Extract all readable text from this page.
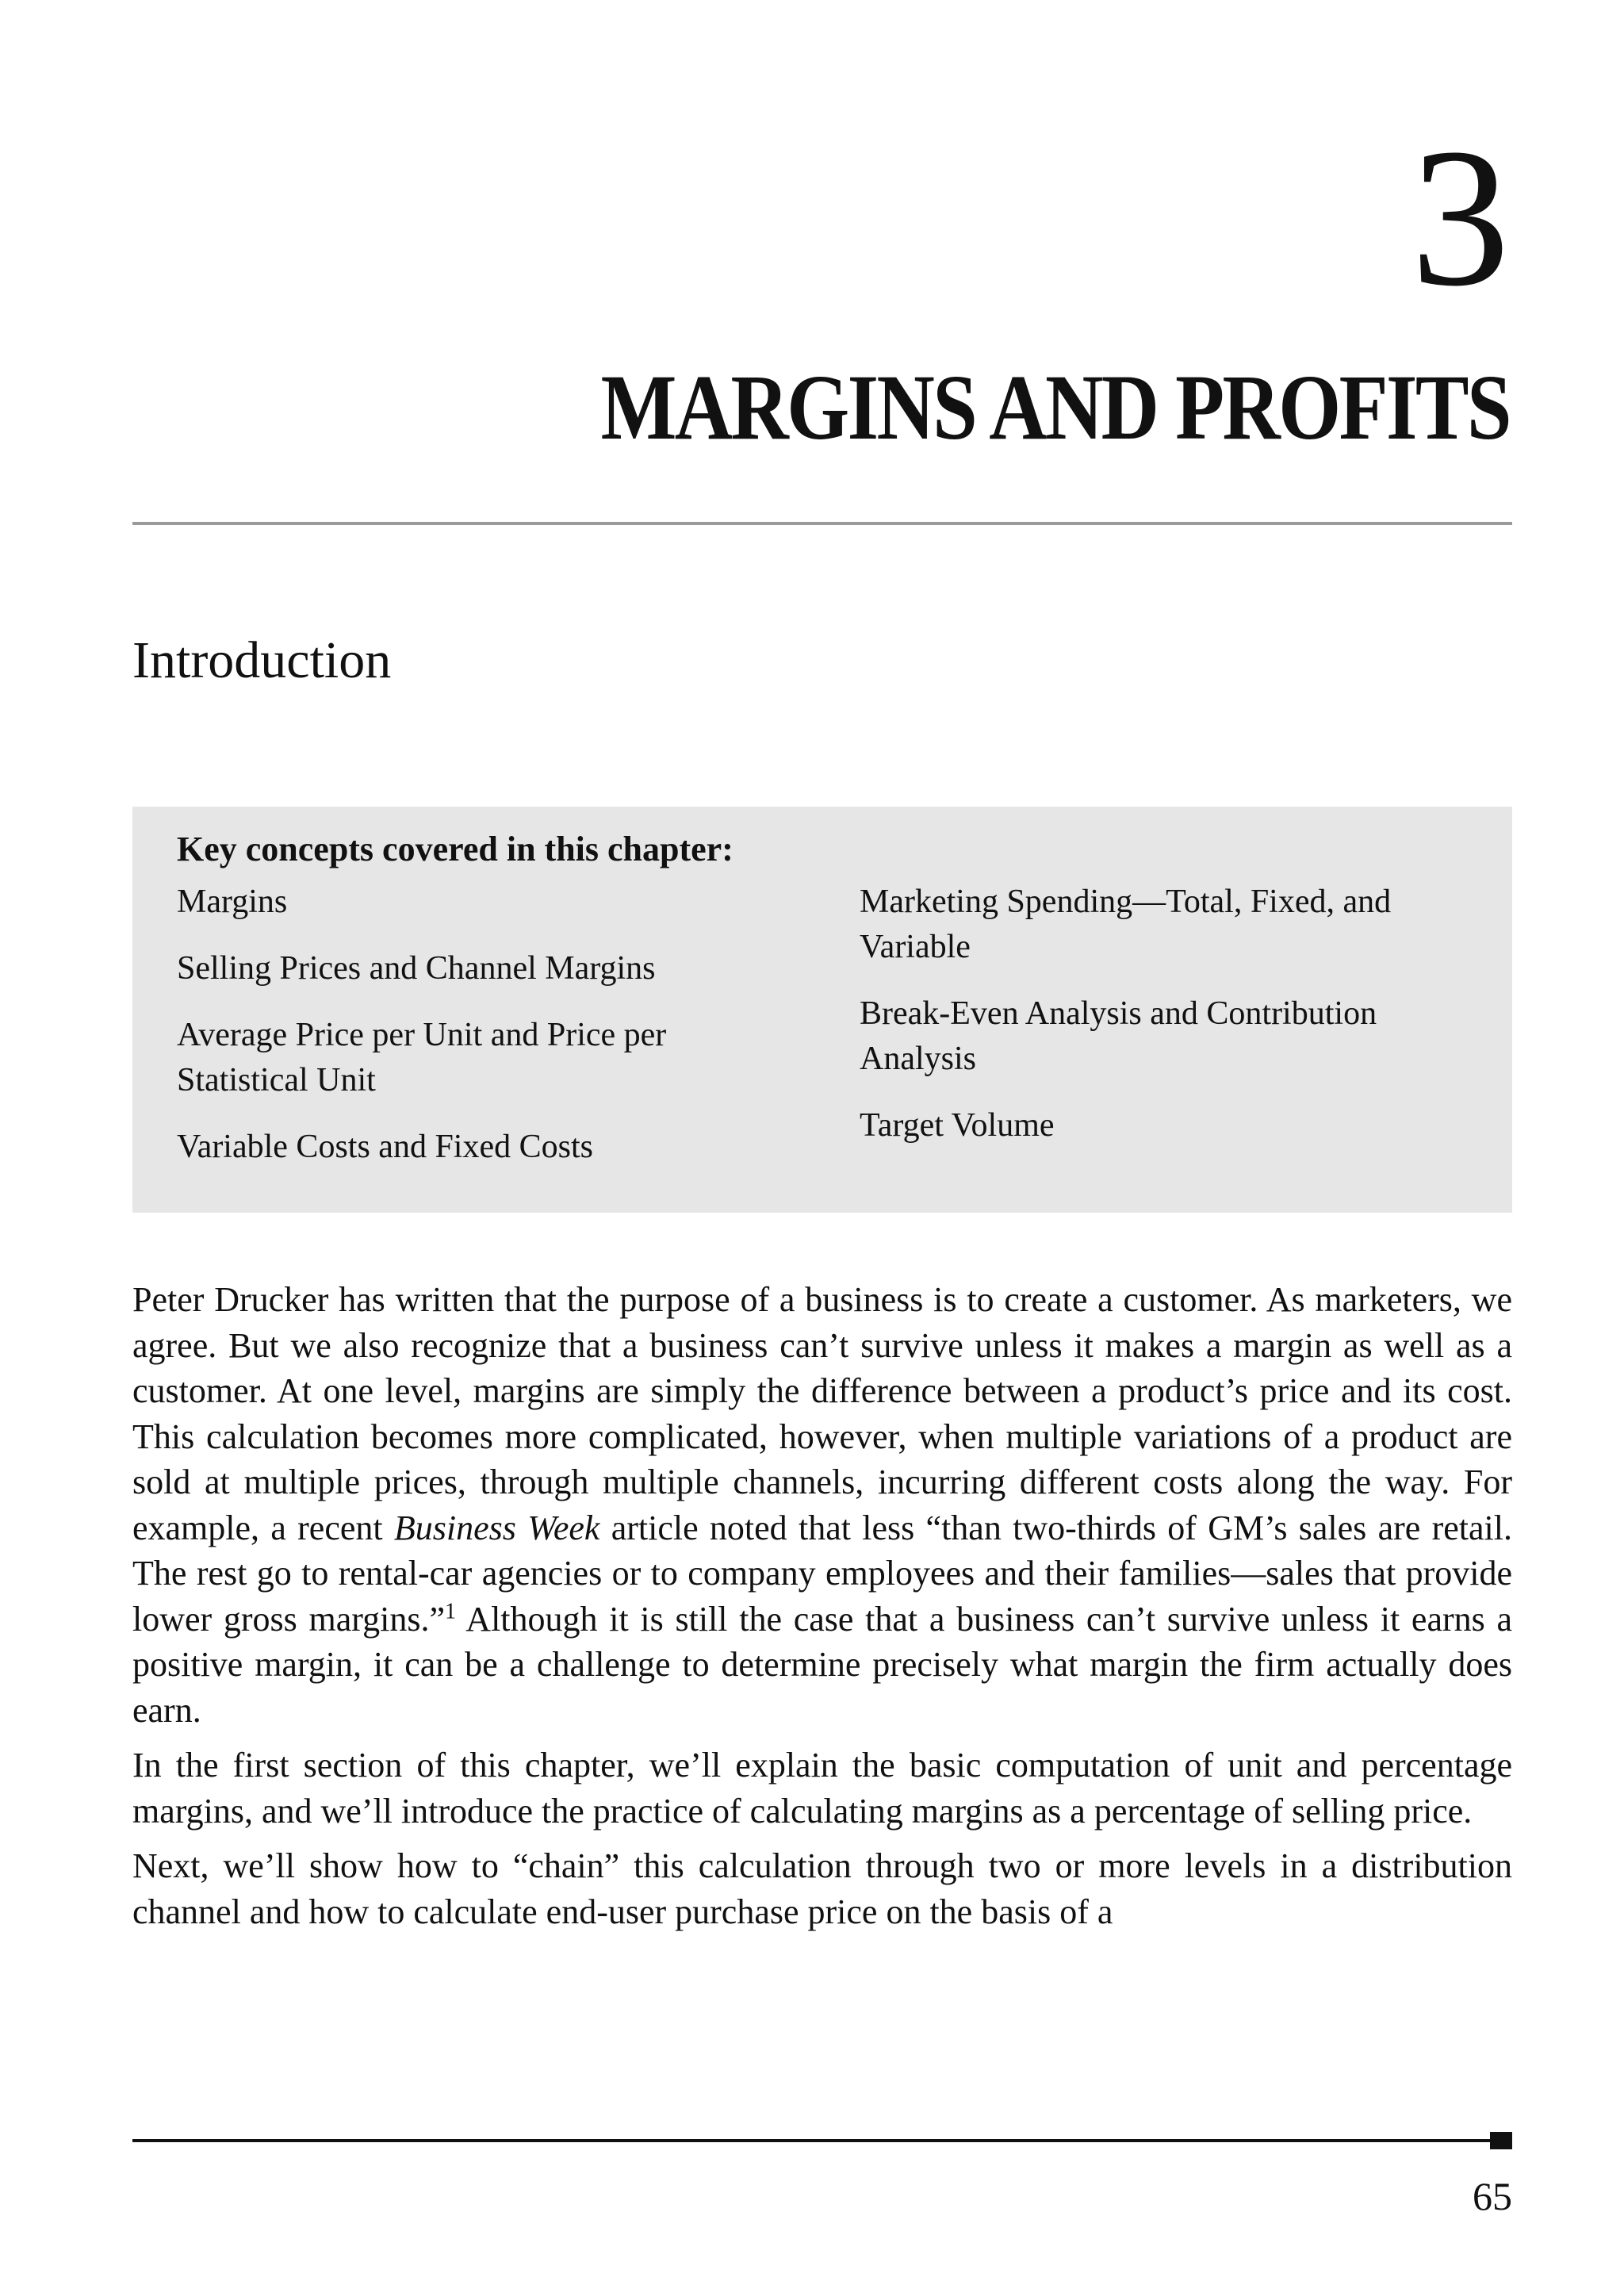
3
MARGINS AND PROFITS
Introduction
Key concepts covered in this chapter:
Margins
Selling Prices and Channel Margins
Average Price per Unit and Price per Statistical Unit
Variable Costs and Fixed Costs
Marketing Spending—Total, Fixed, and Variable
Break-Even Analysis and Contribution Analysis
Target Volume

Peter Drucker has written that the purpose of a business is to create a customer. As marketers, we agree. But we also recognize that a business can’t survive unless it makes a margin as well as a customer. At one level, margins are simply the difference between a product’s price and its cost. This calculation becomes more complicated, however, when multiple variations of a product are sold at multiple prices, through multiple channels, incurring different costs along the way. For example, a recent Business Week article noted that less “than two-thirds of GM’s sales are retail. The rest go to rental-car agencies or to company employees and their families—sales that provide lower gross margins.”$^1$ Although it is still the case that a business can’t survive unless it earns a positive margin, it can be a challenge to determine precisely what margin the firm actually does earn.

In the first section of this chapter, we’ll explain the basic computation of unit and percentage margins, and we’ll introduce the practice of calculating margins as a percentage of selling price.

Next, we’ll show how to “chain” this calculation through two or more levels in a distribution channel and how to calculate end-user purchase price on the basis of a

65
